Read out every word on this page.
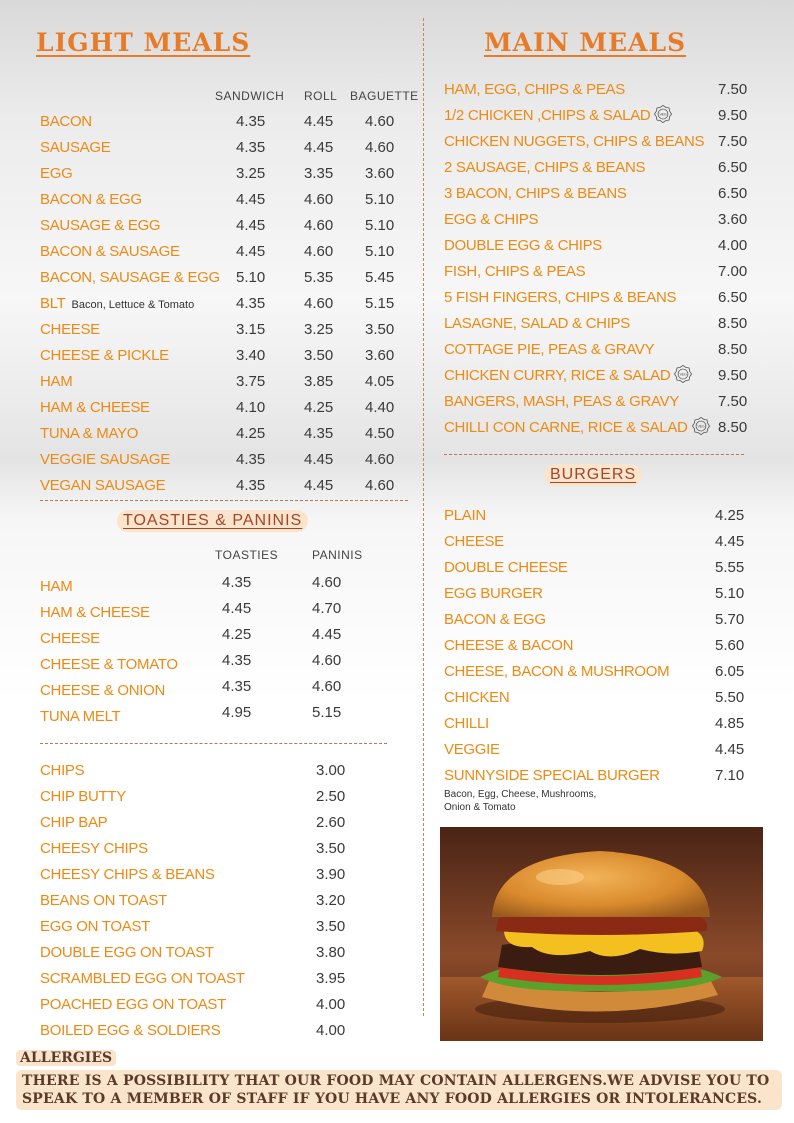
LIGHT MEALS
SANDWICH ROLL BAGUETTE
BACON	4.35	4.45 4.60
SAUSAGE	4.35	4.45 4.60
EGG	3.25	3.35 3.60
BACON & EGG	4.45	4.60 5.10
SAUSAGE & EGG	4.45	4.60 5.10
BACON & SAUSAGE	4.45	4.60 5.10
BACON, SAUSAGE & EGG 5.10	5.35 5.45
BLT Bacon, Lettuce & Tomato	4.35	4.60 5.15
CHEESE	3.15	3.25 3.50
CHEESE & PICKLE	3.40	3.50 3.60
HAM	3.75	3.85 4.05
HAM & CHEESE	4.10	4.25 4.40
TUNA & MAYO	4.25	4.35 4.50
VEGGIE SAUSAGE	4.35	4.45 4.60
VEGAN SAUSAGE	4.35	4.45 4.60
TOASTIES & PANINIS
TOASTIES	PANINIS
HAM	4.35	4.60
HAM & CHEESE	4.45	4.70
CHEESE	4.25	4.45
CHEESE & TOMATO	4.35	4.60
CHEESE & ONION	4.35	4.60
TUNA MELT	4.95	5.15
CHIPS	3.00
CHIP BUTTY	2.50
CHIP BAP	2.60
CHEESY CHIPS	3.50
CHEESY CHIPS & BEANS	3.90
BEANS ON TOAST	3.20
EGG ON TOAST	3.50
DOUBLE EGG ON TOAST	3.80
SCRAMBLED EGG ON TOAST	3.95
POACHED EGG ON TOAST	4.00
BOILED EGG & SOLDIERS	4.00
MAIN MEALS
HAM, EGG, CHIPS & PEAS	7.50
1/2 CHICKEN ,CHIPS & SALAD VEG	9.50
CHICKEN NUGGETS, CHIPS & BEANS 7.50
2 SAUSAGE, CHIPS & BEANS	6.50
3 BACON, CHIPS & BEANS	6.50
EGG & CHIPS	3.60
DOUBLE EGG & CHIPS	4.00
FISH, CHIPS & PEAS	7.00
5 FISH FINGERS, CHIPS & BEANS	6.50
LASAGNE, SALAD & CHIPS	8.50
COTTAGE PIE, PEAS & GRAVY	8.50
CHICKEN CURRY, RICE & SALAD VEG 9.50
BANGERS, MASH, PEAS & GRAVY	7.50
CHILLI CON CARNE, RICE & SALAD VEG 8.50
BURGERS
PLAIN	4.25
CHEESE	4.45
DOUBLE CHEESE	5.55
EGG BURGER	5.10
BACON & EGG	5.70
CHEESE & BACON	5.60
CHEESE, BACON & MUSHROOM	6.05
CHICKEN	5.50
CHILLI	4.85
VEGGIE	4.45
SUNNYSIDE SPECIAL BURGER	7.10
Bacon, Egg, Cheese, Mushrooms,
Onion & Tomato
ALLERGIES
THERE IS A POSSIBILITY THAT OUR FOOD MAY CONTAIN ALLERGENS.WE ADVISE YOU TO
SPEAK TO A MEMBER OF STAFF IF YOU HAVE ANY FOOD ALLERGIES OR INTOLERANCES.
